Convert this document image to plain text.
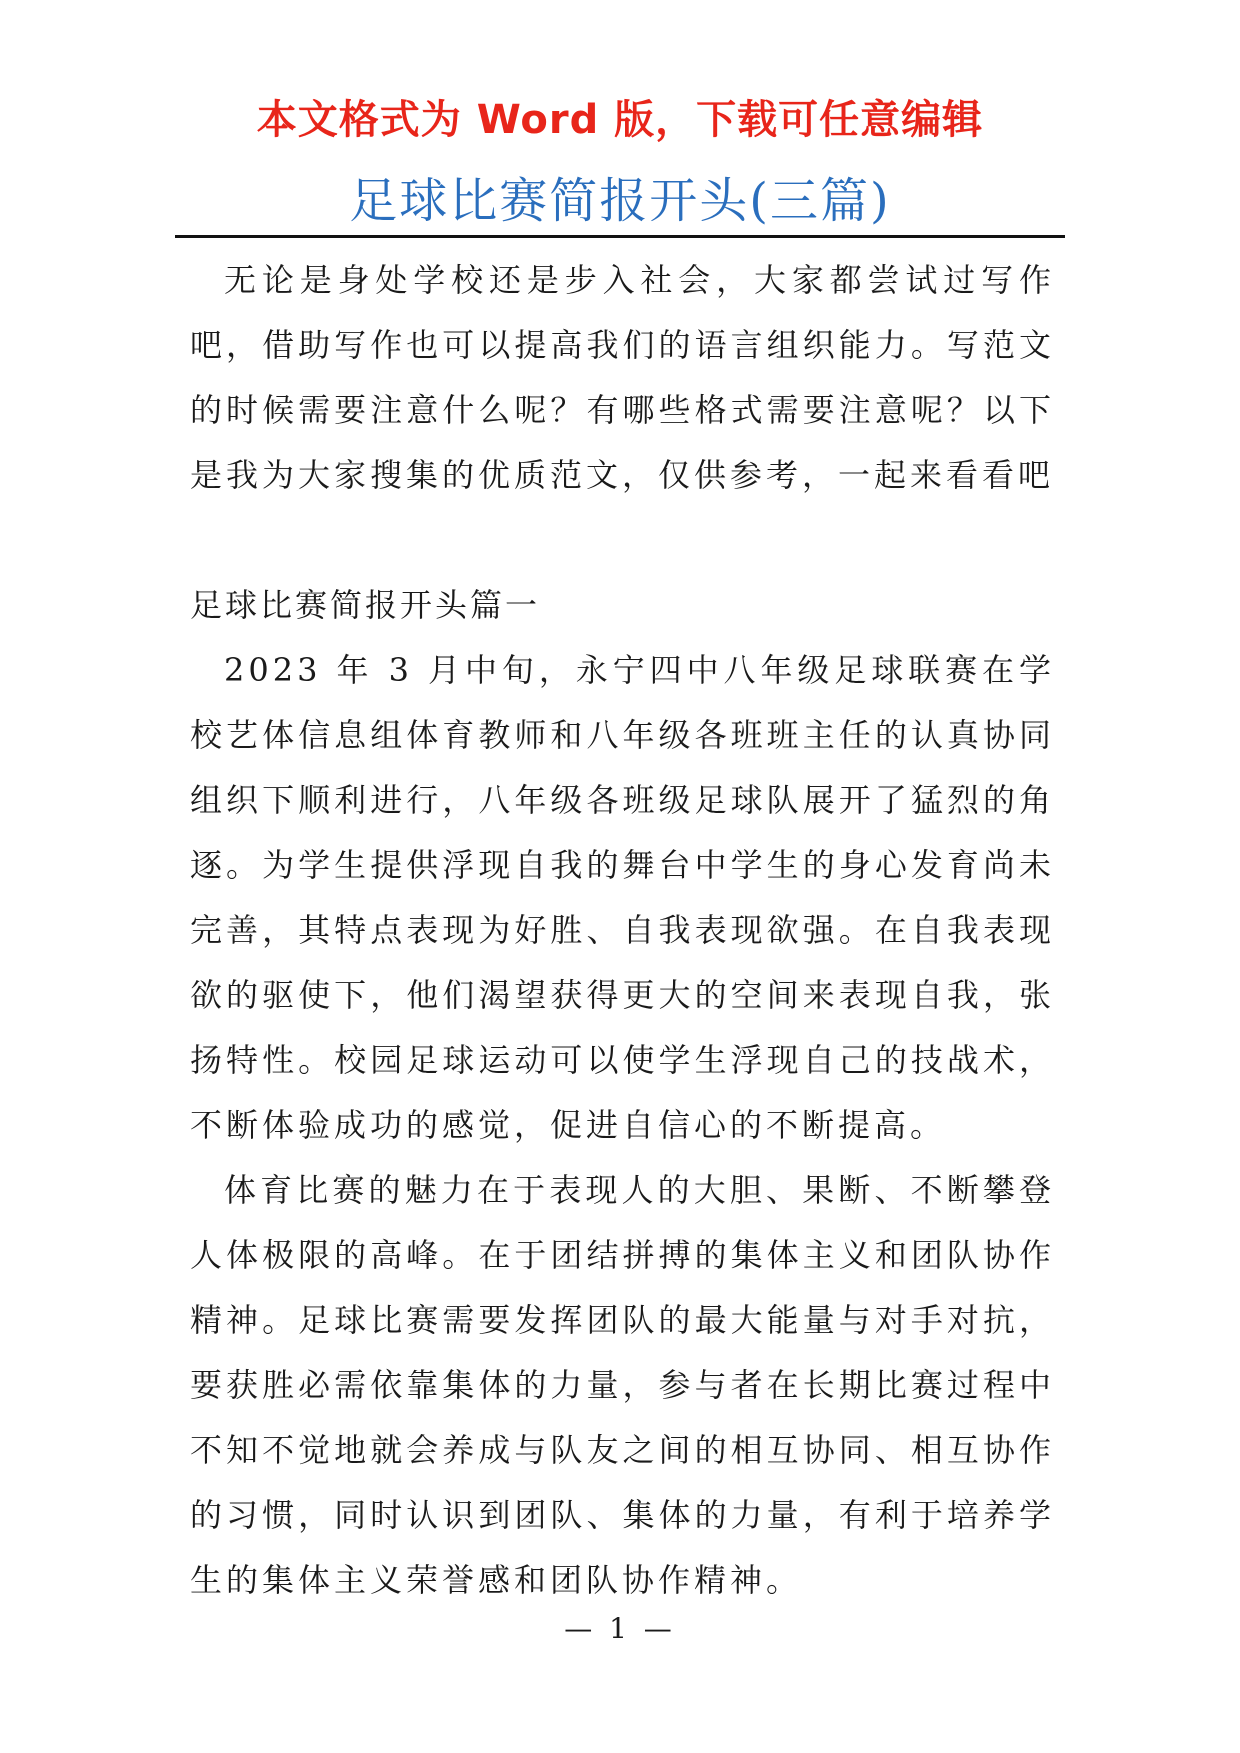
本文格式为 Word 版，下载可任意编辑
足球比赛简报开头(三篇)

无论是身处学校还是步入社会，大家都尝试过写作吧，借助写作也可以提高我们的语言组织能力。写范文的时候需要注意什么呢？有哪些格式需要注意呢？以下是我为大家搜集的优质范文，仅供参考，一起来看看吧

足球比赛简报开头篇一

2023 年 3 月中旬，永宁四中八年级足球联赛在学校艺体信息组体育教师和八年级各班班主任的认真协同组织下顺利进行，八年级各班级足球队展开了猛烈的角逐。为学生提供浮现自我的舞台中学生的身心发育尚未完善，其特点表现为好胜、自我表现欲强。在自我表现欲的驱使下，他们渴望获得更大的空间来表现自我，张扬特性。校园足球运动可以使学生浮现自己的技战术，不断体验成功的感觉，促进自信心的不断提高。

体育比赛的魅力在于表现人的大胆、果断、不断攀登人体极限的高峰。在于团结拼搏的集体主义和团队协作精神。足球比赛需要发挥团队的最大能量与对手对抗，要获胜必需依靠集体的力量，参与者在长期比赛过程中不知不觉地就会养成与队友之间的相互协同、相互协作的习惯，同时认识到团队、集体的力量，有利于培养学生的集体主义荣誉感和团队协作精神。

— 1 —
